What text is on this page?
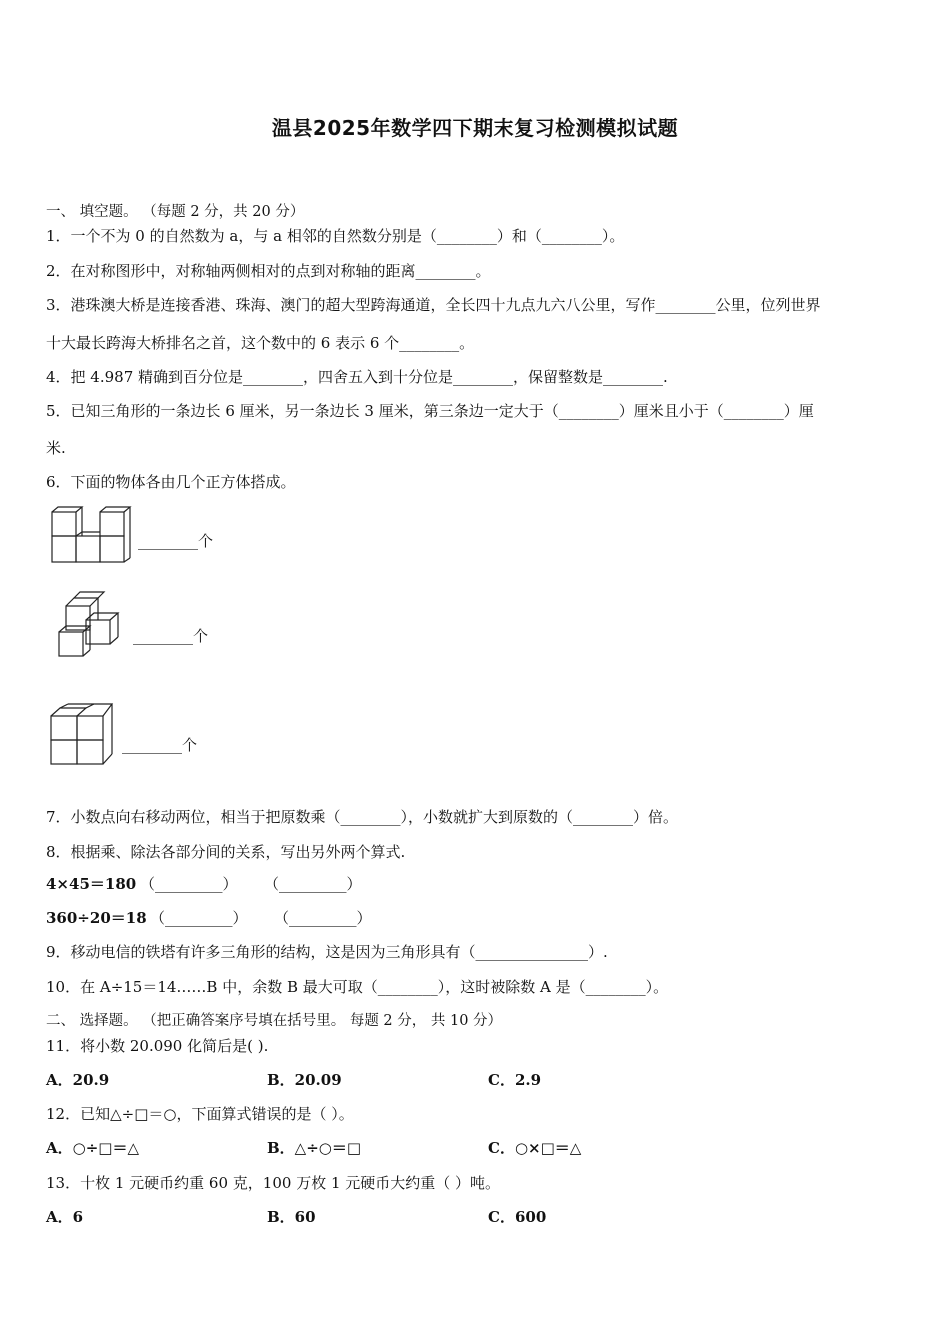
温县2025年数学四下期末复习检测模拟试题
一、 填空题。 （每题 2 分，共 20 分）
1．一个不为 0 的自然数为 a，与 a 相邻的自然数分别是（________）和（________）。
2．在对称图形中，对称轴两侧相对的点到对称轴的距离________。
3．港珠澳大桥是连接香港、珠海、澳门的超大型跨海通道，全长四十九点九六八公里，写作________公里，位列世界
十大最长跨海大桥排名之首，这个数中的 6 表示 6 个________。
4．把 4.987 精确到百分位是________，四舍五入到十分位是________，保留整数是________.
5．已知三角形的一条边长 6 厘米，另一条边长 3 厘米，第三条边一定大于（________）厘米且小于（________）厘
米.
6．下面的物体各由几个正方体搭成。
________个
________个
________个
7．小数点向右移动两位，相当于把原数乘（________），小数就扩大到原数的（________）倍。
8．根据乘、除法各部分间的关系，写出另外两个算式.
4×45＝180 （_________） （_________）
360÷20＝18 （_________） （_________）
9．移动电信的铁塔有许多三角形的结构，这是因为三角形具有（_______________）.
10．在 A÷15＝14……B 中，余数 B 最大可取（________），这时被除数 A 是（________）。
二、 选择题。 （把正确答案序号填在括号里。 每题 2 分， 共 10 分）
11．将小数 20.090 化简后是( ).
A．20.9	B．20.09	C．2.9
12．已知△÷□＝○，下面算式错误的是（ ）。
A．○÷□＝△	B．△÷○＝□	C．○×□＝△
13．十枚 1 元硬币约重 60 克，100 万枚 1 元硬币大约重（ ）吨。
A．6	B．60	C．600
